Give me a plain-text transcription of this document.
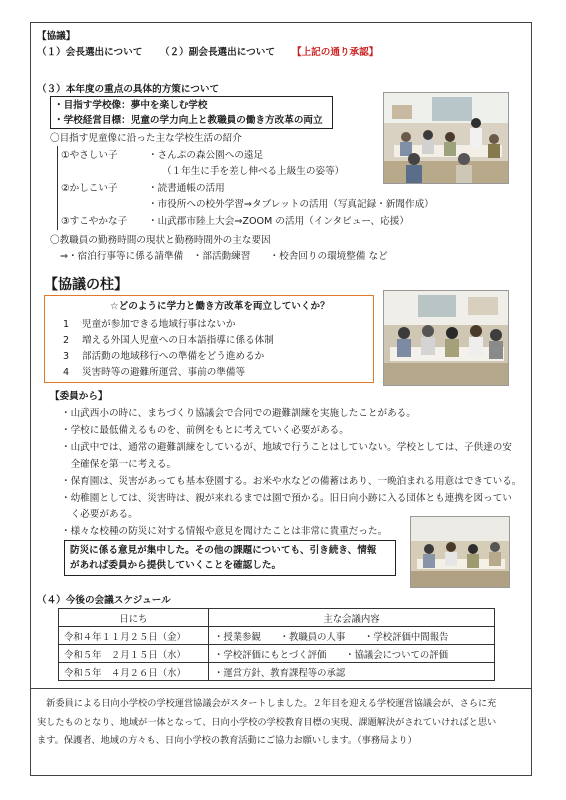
【協議】
（１）会長選出について （２）副会長選出について 【上記の通り承認】
（３）本年度の重点の具体的方策について
・目指す学校像：夢中を楽しむ学校
・学校経営目標：児童の学力向上と教職員の働き方改革の両立
〇目指す児童像に沿った主な学校生活の紹介
①やさしい子	・さんぷの森公園への遠足
（１年生に手を差し伸べる上級生の姿等）
②かしこい子	・読書通帳の活用
・市役所への校外学習⇒タブレットの活用（写真記録・新聞作成）
③すこやかな子 ・山武郡市陸上大会⇒ZOOM の活用（インタビュー、応援）
〇教職員の勤務時間の現状と勤務時間外の主な要因
⇒・宿泊行事等に係る請準備　・部活動練習　　・校舎回りの環境整備 など
【協議の柱】
☆どのように学力と働き方改革を両立していくか？
1 児童が参加できる地域行事はないか
2 増える外国人児童への日本語指導に係る体制
3 部活動の地域移行への準備をどう進めるか
4 災害時等の避難所運営、事前の準備等
【委員から】
・山武西小の時に、まちづくり協議会で合同での避難訓練を実施したことがある。
・学校に最低備えるものを、前例をもとに考えていく必要がある。
・山武中では、通常の避難訓練をしているが、地域で行うことはしていない。学校としては、子供達の安
　全確保を第一に考える。
・保育園は、災害があっても基本登園する。お米や水などの備蓄はあり、一晩泊まれる用意はできている。
・幼稚園としては、災害時は、親が来れるまでは園で預かる。旧日向小跡に入る団体とも連携を図ってい
　く必要がある。
・様々な校種の防災に対する情報や意見を聞けたことは非常に貴重だった。
防災に係る意見が集中した。その他の課題についても、引き続き、情報
があれば委員から提供していくことを確認した。
（４）今後の会議スケジュール
日にち	主な会議内容
令和４年１１月２５日（金）	・授業参観　　・教職員の人事　　・学校評価中間報告
令和５年　２月１５日（水）	・学校評価にもとづく評価　　・協議会についての評価
令和５年　４月２６日（水）	・運営方針、教育課程等の承認
　新委員による日向小学校の学校運営協議会がスタートしました。２年目を迎える学校運営協議会が、さらに充
実したものとなり、地域が一体となって、日向小学校の学校教育目標の実現、課題解決がされていければと思い
ます。保護者、地域の方々も、日向小学校の教育活動にご協力お願いします。（事務局より）
